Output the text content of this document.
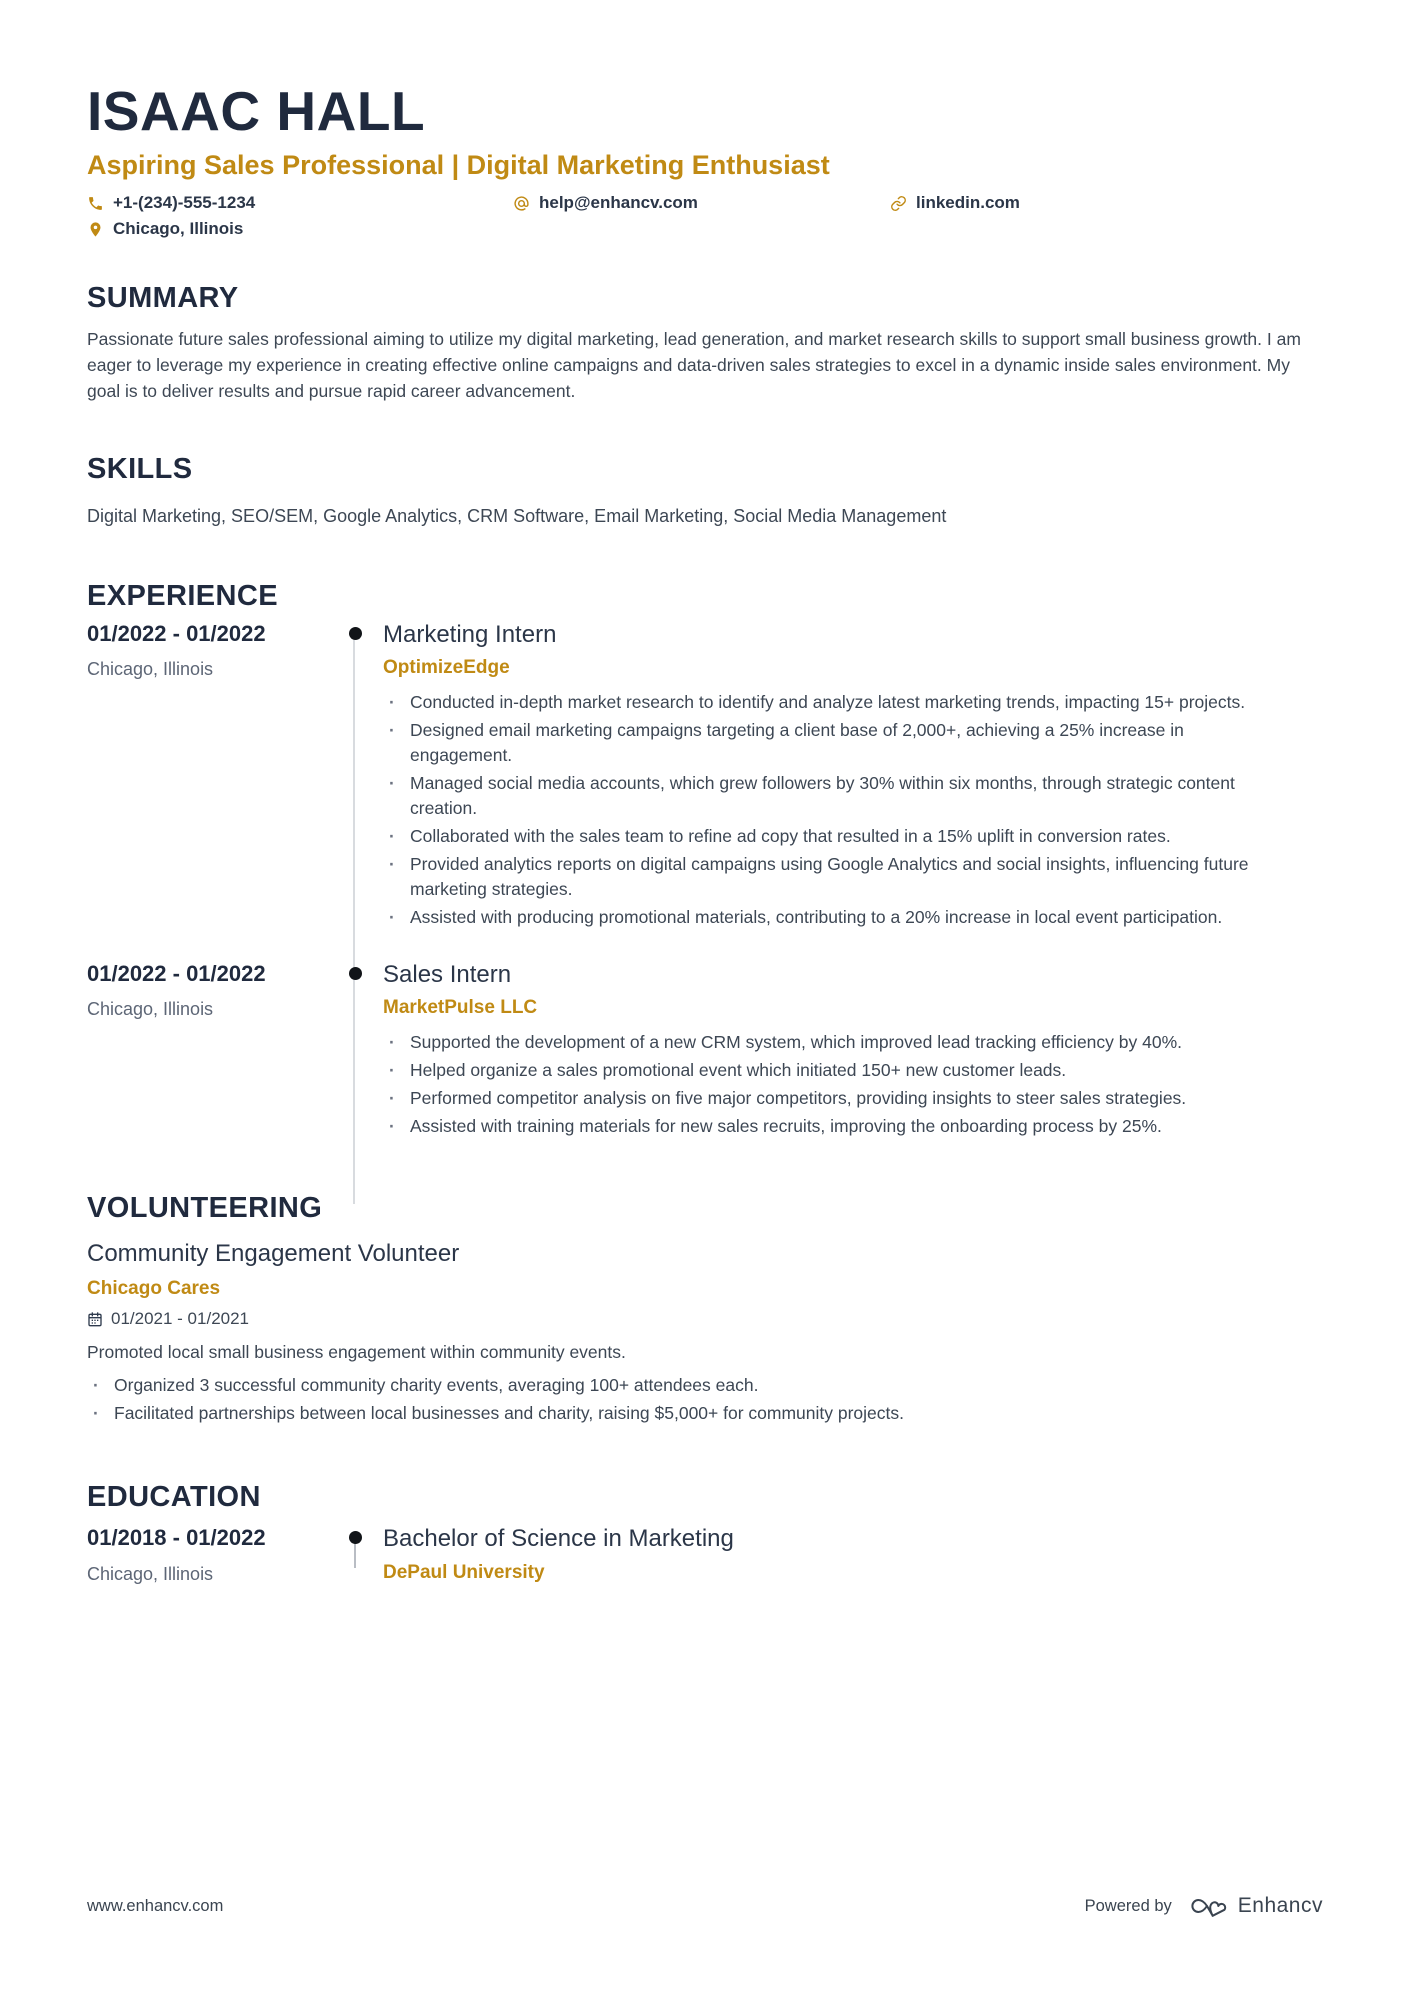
ISAAC HALL
Aspiring Sales Professional | Digital Marketing Enthusiast
+1-(234)-555-1234	help@enhancv.com	linkedin.com
Chicago, Illinois
SUMMARY
Passionate future sales professional aiming to utilize my digital marketing, lead generation, and market research skills to support small business growth. I am eager to leverage my experience in creating effective online campaigns and data-driven sales strategies to excel in a dynamic inside sales environment. My goal is to deliver results and pursue rapid career advancement.
SKILLS
Digital Marketing, SEO/SEM, Google Analytics, CRM Software, Email Marketing, Social Media Management
EXPERIENCE
01/2022 - 01/2022
Chicago, Illinois
Marketing Intern
OptimizeEdge
· Conducted in-depth market research to identify and analyze latest marketing trends, impacting 15+ projects.
· Designed email marketing campaigns targeting a client base of 2,000+, achieving a 25% increase in engagement.
· Managed social media accounts, which grew followers by 30% within six months, through strategic content creation.
· Collaborated with the sales team to refine ad copy that resulted in a 15% uplift in conversion rates.
· Provided analytics reports on digital campaigns using Google Analytics and social insights, influencing future marketing strategies.
· Assisted with producing promotional materials, contributing to a 20% increase in local event participation.
01/2022 - 01/2022
Chicago, Illinois
Sales Intern
MarketPulse LLC
· Supported the development of a new CRM system, which improved lead tracking efficiency by 40%.
· Helped organize a sales promotional event which initiated 150+ new customer leads.
· Performed competitor analysis on five major competitors, providing insights to steer sales strategies.
· Assisted with training materials for new sales recruits, improving the onboarding process by 25%.
VOLUNTEERING
Community Engagement Volunteer
Chicago Cares
01/2021 - 01/2021
Promoted local small business engagement within community events.
· Organized 3 successful community charity events, averaging 100+ attendees each.
· Facilitated partnerships between local businesses and charity, raising $5,000+ for community projects.
EDUCATION
01/2018 - 01/2022
Chicago, Illinois
Bachelor of Science in Marketing
DePaul University
www.enhancv.com	Powered by	Enhancv
